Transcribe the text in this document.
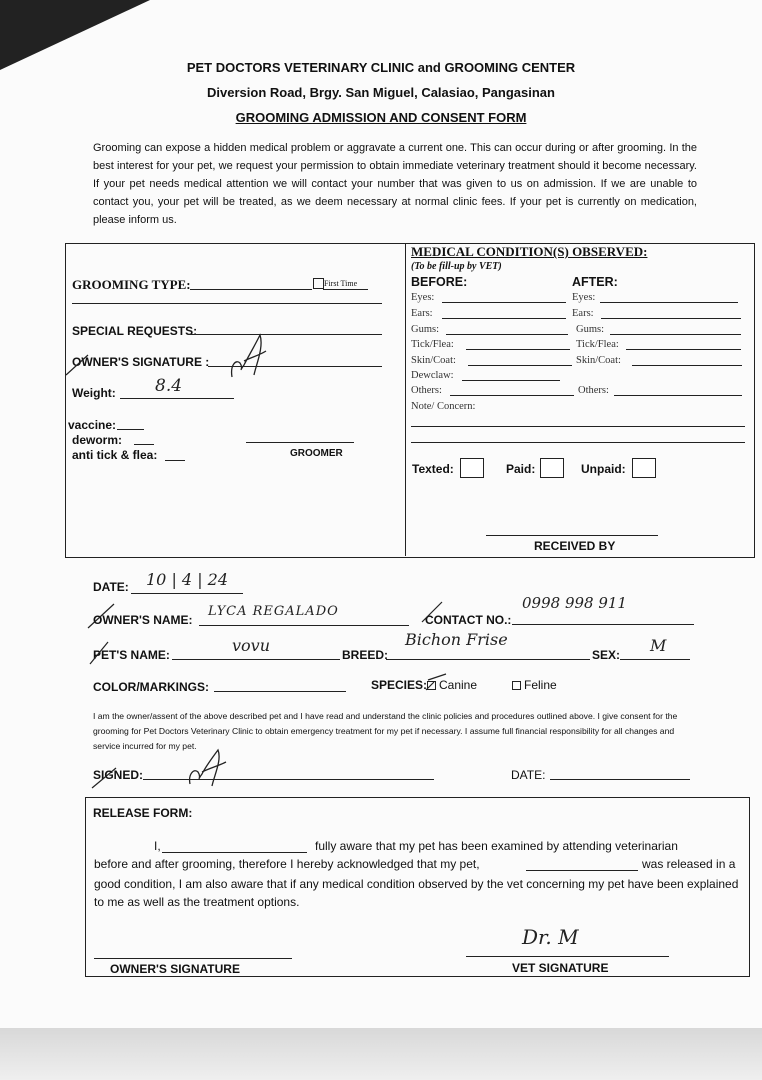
PET DOCTORS VETERINARY CLINIC and GROOMING CENTER
Diversion Road, Brgy. San Miguel, Calasiao, Pangasinan
GROOMING ADMISSION AND CONSENT FORM

Grooming can expose a hidden medical problem or aggravate a current one. This can occur during or after grooming. In the best interest for your pet, we request your permission to obtain immediate veterinary treatment should it become necessary. If your pet needs medical attention we will contact your number that was given to us on admission. If we are unable to contact you, your pet will be treated, as we deem necessary at normal clinic fees. If your pet is currently on medication, please inform us.

GROOMING TYPE:	First Time
SPECIAL REQUESTS:
OWNER'S SIGNATURE :
Weight: 8.4
vaccine:
deworm:
anti tick & flea:	GROOMER
MEDICAL CONDITION(S) OBSERVED:
(To be fill-up by VET)
BEFORE:	AFTER:
Eyes:
Ears:
Gums:
Tick/Flea:
Skin/Coat:
Dewclaw:
Others:
Eyes:
Ears:
Gums:
Tick/Flea:
Skin/Coat:
Others:
Note/ Concern:
Texted:	Paid:	Unpaid:
RECEIVED BY
DATE: 10 | 4 | 24
OWNER'S NAME:
LYCA REGALADO
CONTACT NO.:
0998 998 911
PET'S NAME:	vovu	BREED:
Bichon Frise
SEX: M
COLOR/MARKINGS:	SPECIES: Canine	Feline
I am the owner/assent of the above described pet and I have read and understand the clinic policies and procedures outlined above. I give consent for the grooming for Pet Doctors Veterinary Clinic to obtain emergency treatment for my pet if necessary. I assume full financial responsibility for all changes and service incurred for my pet.
SIGNED:	DATE:
RELEASE FORM:
I,	fully aware that my pet has been examined by attending veterinarian
before and after grooming, therefore I hereby acknowledged that my pet,	was released in a
good condition, I am also aware that if any medical condition observed by the vet concerning my pet have been explained to me as well as the treatment options.
OWNER'S SIGNATURE
Dr. M
VET SIGNATURE
